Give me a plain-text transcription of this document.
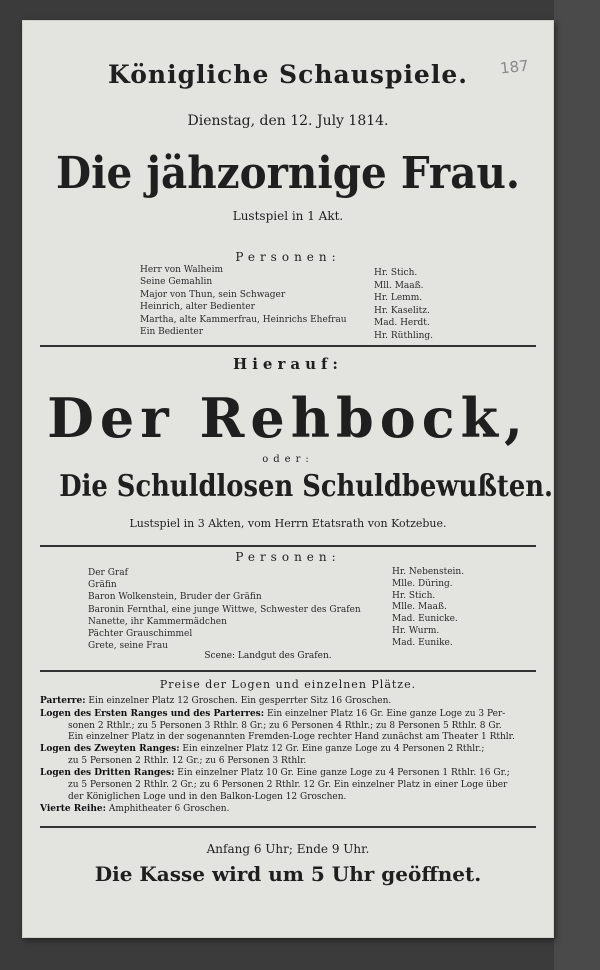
187
Königliche Schauspiele.
Dienstag, den 12. July 1814.
Die jähzornige Frau.
Lustspiel in 1 Akt.
Personen:
Herr von Walheim
Seine Gemahlin
Major von Thun, sein Schwager
Heinrich, alter Bedienter
Martha, alte Kammerfrau, Heinrichs Ehefrau
Ein Bedienter
Hr. Stich.
Mll. Maaß.
Hr. Lemm.
Hr. Kaselitz.
Mad. Herdt.
Hr. Rüthling.
Hierauf:
Der Rehbock,
oder:
Die Schuldlosen Schuldbewußten.
Lustspiel in 3 Akten, vom Herrn Etatsrath von Kotzebue.
Personen:
Der Graf
Gräfin
Baron Wolkenstein, Bruder der Gräfin
Baronin Fernthal, eine junge Wittwe, Schwester des Grafen
Nanette, ihr Kammermädchen
Pächter Grauschimmel
Grete, seine Frau
Hr. Nebenstein.
Mlle. Düring.
Hr. Stich.
Mlle. Maaß.
Mad. Eunicke.
Hr. Wurm.
Mad. Eunike.
Scene: Landgut des Grafen.
Preise der Logen und einzelnen Plätze.
Parterre: Ein einzelner Platz 12 Groschen. Ein gesperrter Sitz 16 Groschen.
Logen des Ersten Ranges und des Parterres: Ein einzelner Platz 16 Gr. Eine ganze Loge zu 3 Per-
sonen 2 Rthlr.; zu 5 Personen 3 Rthlr. 8 Gr.; zu 6 Personen 4 Rthlr.; zu 8 Personen 5 Rthlr. 8 Gr.
Ein einzelner Platz in der sogenannten Fremden-Loge rechter Hand zunächst am Theater 1 Rthlr.
Logen des Zweyten Ranges: Ein einzelner Platz 12 Gr. Eine ganze Loge zu 4 Personen 2 Rthlr.;
zu 5 Personen 2 Rthlr. 12 Gr.; zu 6 Personen 3 Rthlr.
Logen des Dritten Ranges: Ein einzelner Platz 10 Gr. Eine ganze Loge zu 4 Personen 1 Rthlr. 16 Gr.;
zu 5 Personen 2 Rthlr. 2 Gr.; zu 6 Personen 2 Rthlr. 12 Gr. Ein einzelner Platz in einer Loge über
der Königlichen Loge und in den Balkon-Logen 12 Groschen.
Vierte Reihe: Amphitheater 6 Groschen.
Anfang 6 Uhr; Ende 9 Uhr.
Die Kasse wird um 5 Uhr geöffnet.
